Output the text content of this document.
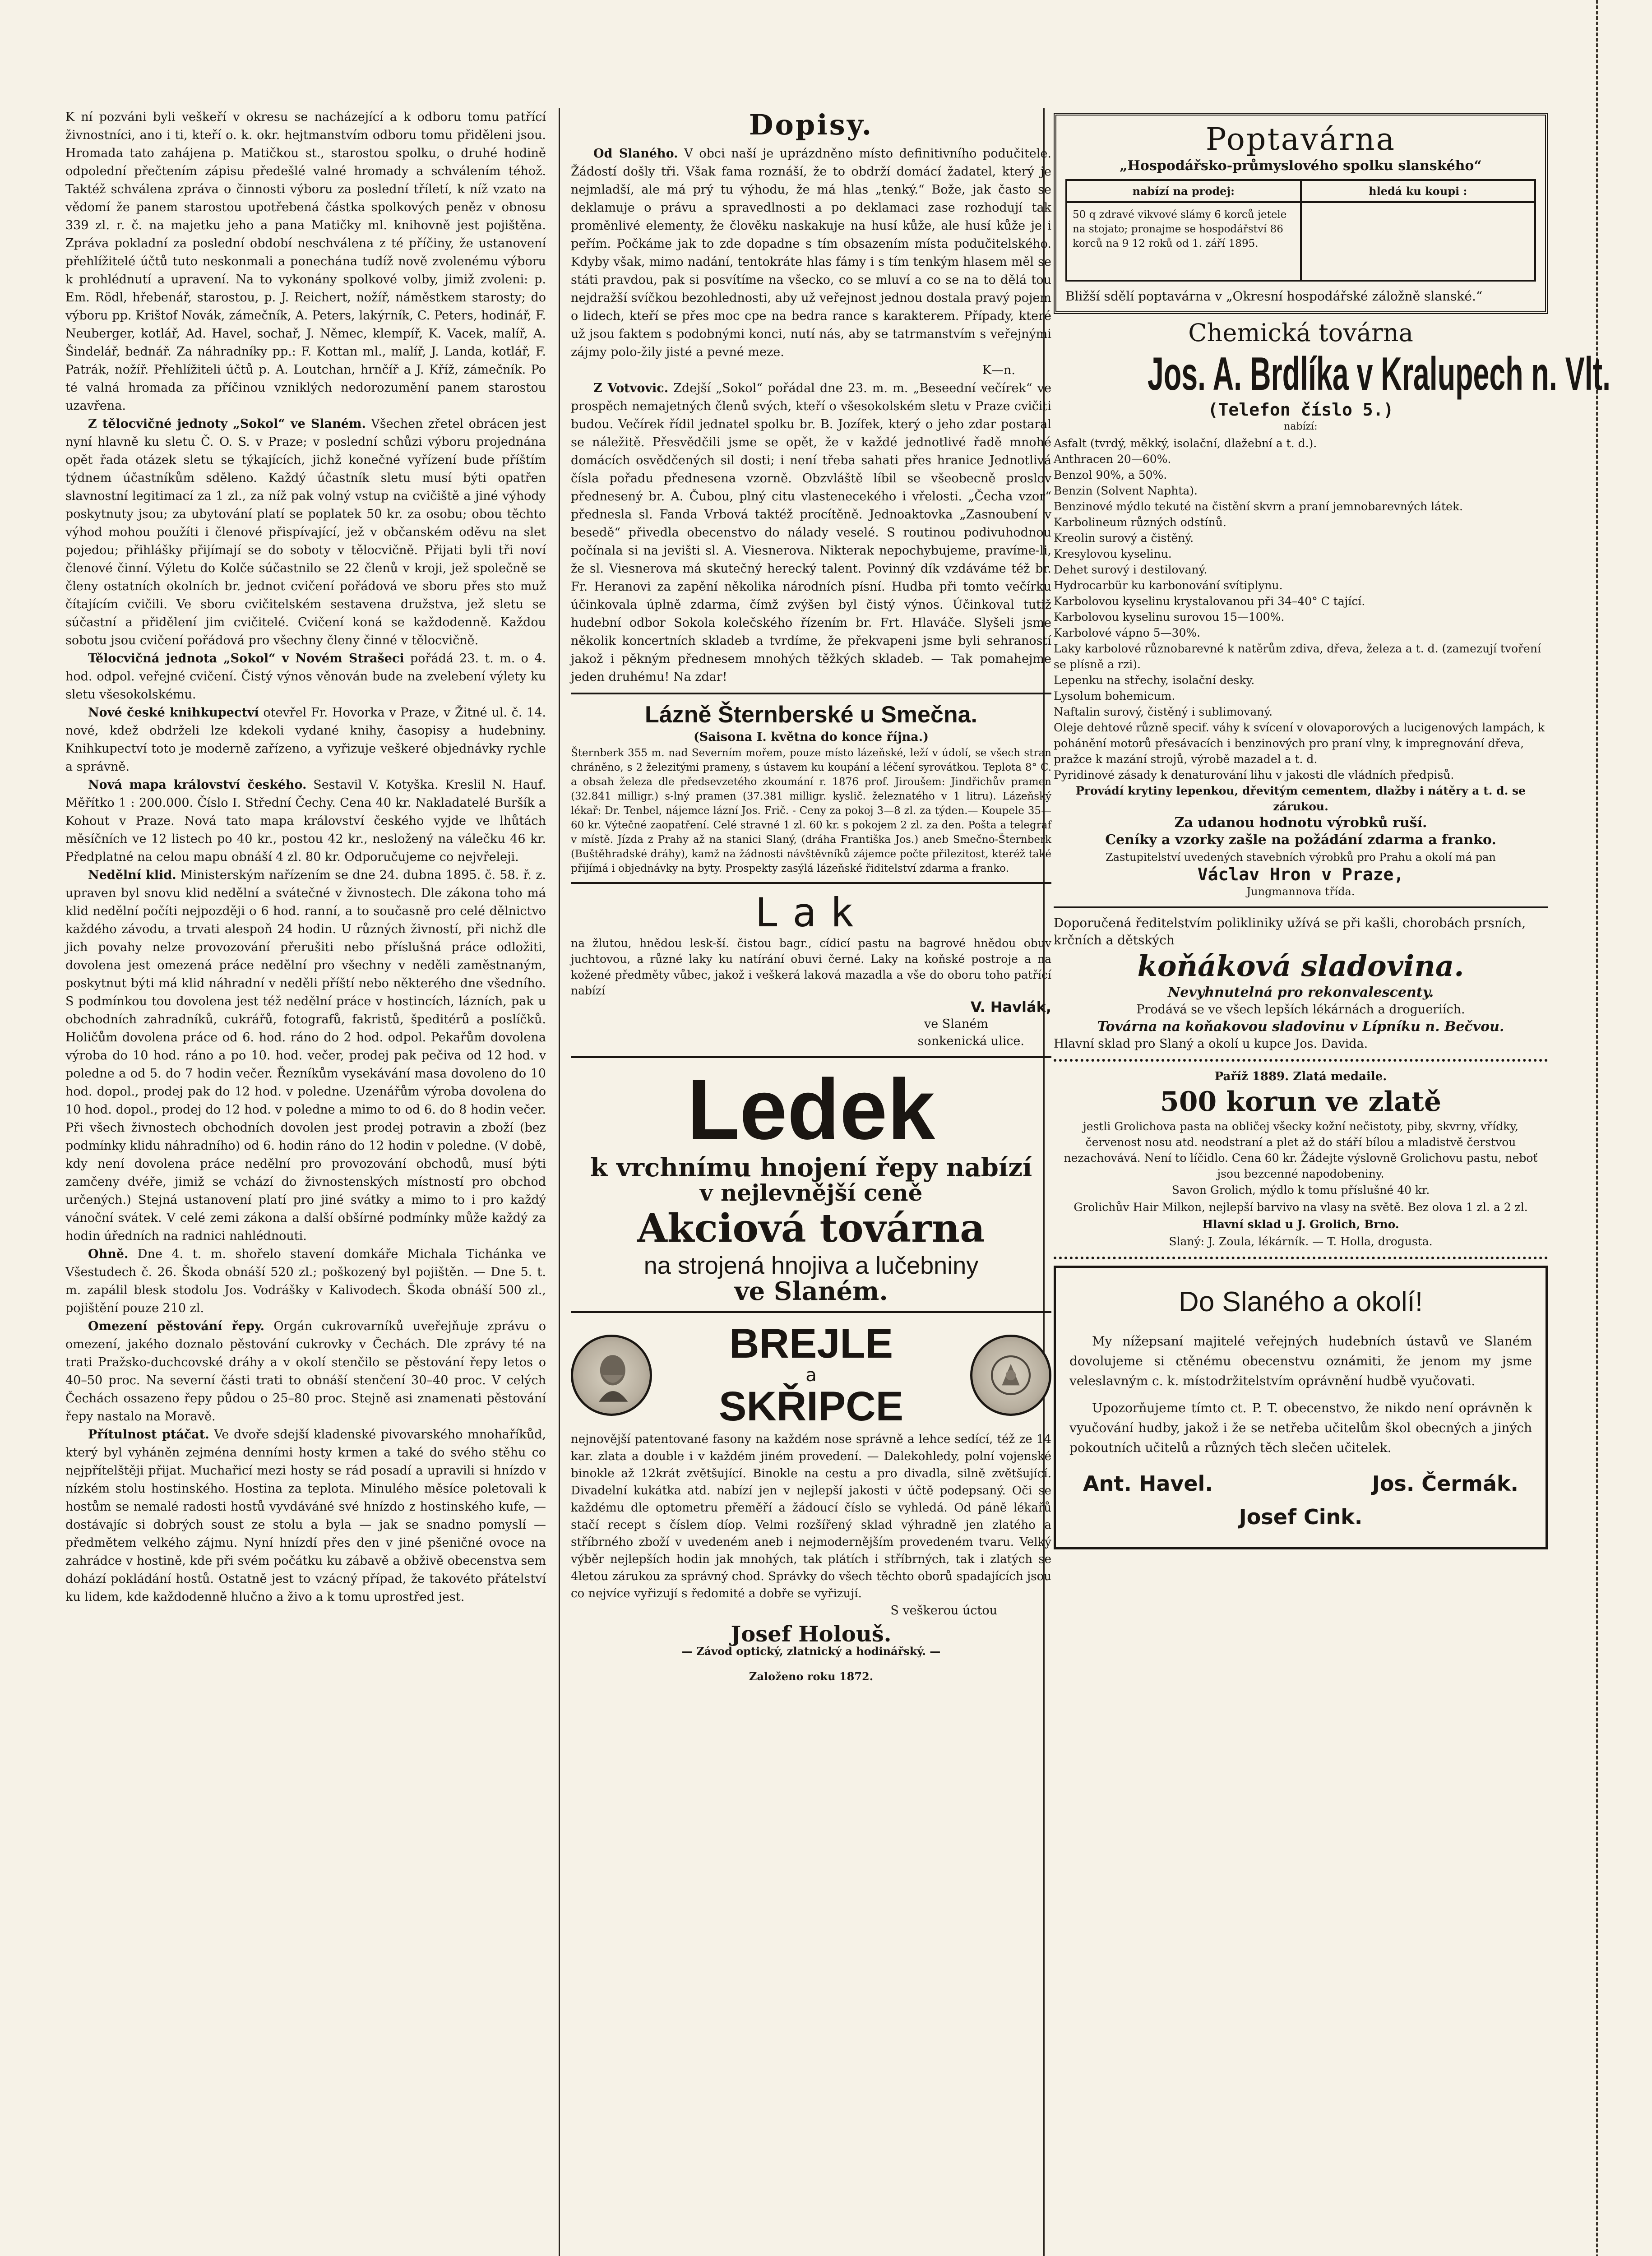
K ní pozváni byli veškeří v okresu se nacházející a k odboru tomu patřící živnostníci, ano i ti, kteří o. k. okr. hejtmanstvím odboru tomu přiděleni jsou. Hromada tato zahájena p. Matičkou st., starostou spolku, o druhé hodině odpolední přečtením zápisu předešlé valné hromady a schválením téhož. Taktéž schválena zpráva o činnosti výboru za poslední tříletí, k níž vzato na vědomí že panem starostou upotřebená částka spolkových peněz v obnosu 339 zl. r. č. na majetku jeho a pana Matičky ml. knihovně jest pojištěna. Zpráva pokladní za poslední období neschválena z té příčiny, že ustanovení přehlížitelé účtů tuto neskonmali a ponechána tudíž nově zvolenému výboru k prohlédnutí a upravení. Na to vykonány spolkové volby, jimiž zvoleni: p. Em. Rödl, hřebenář, starostou, p. J. Reichert, nožíř, náměstkem starosty; do výboru pp. Krištof Novák, zámečník, A. Peters, lakýrník, C. Peters, hodinář, F. Neuberger, kotlář, Ad. Havel, sochař, J. Němec, klempíř, K. Vacek, malíř, A. Šindelář, bednář. Za náhradníky pp.: F. Kottan ml., malíř, J. Landa, kotlář, F. Patrák, nožíř. Přehlížiteli účtů p. A. Loutchan, hrnčíř a J. Kříž, zámečník. Po té valná hromada za příčinou vzniklých nedorozumění panem starostou uzavřena.

Z tělocvičné jednoty „Sokol“ ve Slaném. Všechen zřetel obrácen jest nyní hlavně ku sletu Č. O. S. v Praze; v poslední schůzi výboru projednána opět řada otázek sletu se týkajících, jichž konečné vyřízení bude příštím týdnem účastníkům sděleno. Každý účastník sletu musí býti opatřen slavnostní legitimací za 1 zl., za níž pak volný vstup na cvičiště a jiné výhody poskytnuty jsou; za ubytování platí se poplatek 50 kr. za osobu; obou těchto výhod mohou použíti i členové přispívající, jež v občanském oděvu na slet pojedou; přihlášky přijímají se do soboty v tělocvičně. Přijati byli tři noví členové činní. Výletu do Kolče súčastnilo se 22 členů v kroji, jež společně se členy ostatních okolních br. jednot cvičení pořádová ve sboru přes sto muž čítajícím cvičili. Ve sboru cvičitelském sestavena družstva, jež sletu se súčastní a přidělení jim cvičitelé. Cvičení koná se každodenně. Každou sobotu jsou cvičení pořádová pro všechny členy činné v tělocvičně.

Tělocvičná jednota „Sokol“ v Novém Strašeci pořádá 23. t. m. o 4. hod. odpol. veřejné cvičení. Čistý výnos věnován bude na zvelebení výlety ku sletu všesokolskému.

Nové české knihkupectví otevřel Fr. Hovorka v Praze, v Žitné ul. č. 14. nové, kdež obdrželi lze kdekoli vydané knihy, časopisy a hudebniny. Knihkupectví toto je moderně zařízeno, a vyřizuje veškeré objednávky rychle a správně.

Nová mapa království českého. Sestavil V. Kotyška. Kreslil N. Hauf. Měřítko 1 : 200.000. Číslo I. Střední Čechy. Cena 40 kr. Nakladatelé Buršík a Kohout v Praze. Nová tato mapa království českého vyjde ve lhůtách měsíčních ve 12 listech po 40 kr., postou 42 kr., nesložený na válečku 46 kr. Předplatné na celou mapu obnáší 4 zl. 80 kr. Odporučujeme co nejvřeleji.

Nedělní klid. Ministerským nařízením se dne 24. dubna 1895. č. 58. ř. z. upraven byl snovu klid nedělní a svátečné v živnostech. Dle zákona toho má klid nedělní počíti nejpozději o 6 hod. ranní, a to současně pro celé dělnictvo každého závodu, a trvati alespoň 24 hodin. U různých živností, při nichž dle jich povahy nelze provozování přerušiti nebo příslušná práce odložiti, dovolena jest omezená práce nedělní pro všechny v neděli zaměstnaným, poskytnut býti má klid náhradní v neděli příští nebo některého dne všedního. S podmínkou tou dovolena jest též nedělní práce v hostincích, lázních, pak u obchodních zahradníků, cukrářů, fotografů, fakristů, špeditérů a poslíčků. Holičům dovolena práce od 6. hod. ráno do 2 hod. odpol. Pekařům dovolena výroba do 10 hod. ráno a po 10. hod. večer, prodej pak pečiva od 12 hod. v poledne a od 5. do 7 hodin večer. Řezníkům vysekávání masa dovoleno do 10 hod. dopol., prodej pak do 12 hod. v poledne. Uzenářům výroba dovolena do 10 hod. dopol., prodej do 12 hod. v poledne a mimo to od 6. do 8 hodin večer. Při všech živnostech obchodních dovolen jest prodej potravin a zboží (bez podmínky klidu náhradního) od 6. hodin ráno do 12 hodin v poledne. (V době, kdy není dovolena práce nedělní pro provozování obchodů, musí býti zamčeny dvéře, jimiž se vchází do živnostenských místností pro obchod určených.) Stejná ustanovení platí pro jiné svátky a mimo to i pro každý vánoční svátek. V celé zemi zákona a další obšírné podmínky může každý za hodin úředních na radnici nahlédnouti.

Ohně. Dne 4. t. m. shořelo stavení domkáře Michala Tichánka ve Všestudech č. 26. Škoda obnáší 520 zl.; poškozený byl pojištěn. — Dne 5. t. m. zapálil blesk stodolu Jos. Vodrášky v Kalivodech. Škoda obnáší 500 zl., pojištění pouze 210 zl.

Omezení pěstování řepy. Orgán cukrovarníků uveřejňuje zprávu o omezení, jakého doznalo pěstování cukrovky v Čechách. Dle zprávy té na trati Pražsko-duchcovské dráhy a v okolí stenčilo se pěstování řepy letos o 40–50 proc. Na severní části trati to obnáší stenčení 30–40 proc. V celých Čechách ossazeno řepy půdou o 25–80 proc. Stejně asi znamenati pěstování řepy nastalo na Moravě.

Přítulnost ptáčat. Ve dvoře sdejší kladenské pivovarského mnohaříkůd, který byl vyháněn zejména denními hosty krmen a také do svého stěhu co nejpřítelštěji přijat. Muchařicí mezi hosty se rád posadí a upravili si hnízdo v nízkém stolu hostinského. Hostina za teplota. Minulého měsíce poletovali k hostům se nemalé radosti hostů vyvdáváné své hnízdo z hostinského kufe, — dostávajíc si dobrých soust ze stolu a byla — jak se snadno pomyslí — předmětem velkého zájmu. Nyní hnízdí přes den v jiné pšeničné ovoce na zahrádce v hostině, kde při svém počátku ku zábavě a obživě obecenstva sem dohází pokládání hostů. Ostatně jest to vzácný případ, že takovéto přátelství ku lidem, kde každodenně hlučno a živo a k tomu uprostřed jest.

Dopisy.

Od Slaného. V obci naší je uprázdněno místo definitivního podučitele. Žádostí došly tři. Však fama roznáší, že to obdrží domácí žadatel, který je nejmladší, ale má prý tu výhodu, že má hlas „tenký.“ Bože, jak často se deklamuje o právu a spravedlnosti a po deklamaci zase rozhodují tak proměnlivé elementy, že člověku naskakuje na husí kůže, ale husí kůže je i peřím. Počkáme jak to zde dopadne s tím obsazením místa podučitelského. Kdyby však, mimo nadání, tentokráte hlas fámy i s tím tenkým hlasem měl se státi pravdou, pak si posvítíme na všecko, co se mluví a co se na to dělá tou nejdražší svíčkou bezohlednosti, aby už veřejnost jednou dostala pravý pojem o lidech, kteří se přes moc cpe na bedra rance s karakterem. Případy, které už jsou faktem s podobnými konci, nutí nás, aby se tatrmanstvím s veřejnými zájmy polo-žily jisté a pevné meze.

K—n.

Z Votvovic. Zdejší „Sokol“ pořádal dne 23. m. m. „Beseední večírek“ ve prospěch nemajetných členů svých, kteří o všesokolském sletu v Praze cvičiti budou. Večírek řídil jednatel spolku br. B. Jozífek, který o jeho zdar postaral se náležitě. Přesvědčili jsme se opět, že v každé jednotlivé řadě mnohé domácích osvědčených sil dosti; i není třeba sahati přes hranice Jednotlivá čísla pořadu přednesena vzorně. Obzvláště líbil se všeobecně proslov přednesený br. A. Čubou, plný citu vlastenecekého i vřelosti. „Čecha vzor“ přednesla sl. Fanda Vrbová taktéž procítěně. Jednoaktovka „Zasnoubení v besedě“ přivedla obecenstvo do nálady veselé. S routinou podivuhodnou počínala si na jevišti sl. A. Viesnerova. Nikterak nepochybujeme, pravíme-li, že sl. Viesnerova má skutečný herecký talent. Povinný dík vzdáváme též br. Fr. Heranovi za zapění několika národních písní. Hudba při tomto večírku účinkovala úplně zdarma, čímž zvýšen byl čistý výnos. Účinkoval tutiž hudební odbor Sokola kolečského řízením br. Frt. Hlaváče. Slyšeli jsme několik koncertních skladeb a tvrdíme, že překvapeni jsme byli sehraností jakož i pěkným přednesem mnohých těžkých skladeb. — Tak pomahejme jeden druhému! Na zdar!

Lázně Šternberské u Smečna.

(Saisona I. května do konce října.)

Šternberk 355 m. nad Severním mořem, pouze místo lázeňské, leží v údolí, se všech stran chráněno, s 2 železitými prameny, s ústavem ku koupání a léčení syrovátkou. Teplota 8° C. a obsah železa dle předsevzetého zkoumání r. 1876 prof. Jiroušem: Jindřichův pramen (32.841 milligr.) s-lný pramen (37.381 milligr. kyslič. železnatého v 1 litru). Lázeňský lékař: Dr. Tenbel, nájemce lázní Jos. Frič. - Ceny za pokoj 3—8 zl. za týden.— Koupele 35—60 kr. Výtečné zaopatření. Celé stravné 1 zl. 60 kr. s pokojem 2 zl. za den. Pošta a telegraf v místě. Jízda z Prahy až na stanici Slaný, (dráha Františka Jos.) aneb Smečno-Šternberk (Buštěhradské dráhy), kamž na žádnosti návštěvníků zájemce počte přilezitost, kteréž také přijímá i objednávky na byty. Prospekty zasýlá lázeňské řiditelství zdarma a franko.

Lak

na žlutou, hnědou lesk-ší. čistou bagr., cídicí pastu na bagrové hnědou obuv juchtovou, a různé laky ku natírání obuvi černé. Laky na koňské postroje a na kožené předměty vůbec, jakož i veškerá laková mazadla a vše do oboru toho patřící nabízí

V. Havlák,

ve Slaném

sonkenická ulice.

Ledek

k vrchnímu hnojení řepy nabízí

v nejlevnější ceně

Akciová továrna

na strojená hnojiva a lučebniny

ve Slaném.

BREJLE

a

SKŘIPCE

nejnovější patentované fasony na každém nose správně a lehce sedící, též ze 14 kar. zlata a double i v každém jiném provedení. — Dalekohledy, polní vojenské binokle až 12krát zvětšující. Binokle na cestu a pro divadla, silně zvětšující. Divadelní kukátka atd. nabízí jen v nejlepší jakosti v účtě podepsaný. Oči se každému dle optometru přeměří a žádoucí číslo se vyhledá. Od páně lékařů stačí recept s číslem díop. Velmi rozšířený sklad výhradně jen zlatého a stříbrného zboží v uvedeném aneb i nejmodernějším provedeném tvaru. Velký výběr nejlepších hodin jak mnohých, tak plátích i stříbrných, tak i zlatých se 4letou zárukou za správný chod. Správky do všech těchto oborů spadajících jsou co nejvíce vyřizují s ředomité a dobře se vyřizují.

S veškerou úctou

Josef Holouš.

— Závod optický, zlatnický a hodinářský. —

Založeno roku 1872.

Poptavárna

„Hospodářsko-průmyslového spolku slanského“

nabízí na prodej:	hledá ku koupi :
50 q zdravé vikvové slámy 6 korců jetele na stojato; pronajme se hospodářství 86 korců na 9 12 roků od 1. září 1895.	

Bližší sdělí poptavárna v „Okresní hospodářské záložně slanské.“

Chemická továrna
Jos. A. Brdlíka v Kralupech n. Vlt.

(Telefon číslo 5.)

nabízí:

Asfalt (tvrdý, měkký, isolační, dlažební a t. d.).

Anthracen 20—60%.

Benzol 90%, a 50%.

Benzin (Solvent Naphta).

Benzinové mýdlo tekuté na čistění skvrn a praní jemnobarevných látek.

Karbolineum různých odstínů.

Kreolin surový a čistěný.

Kresylovou kyselinu.

Dehet surový i destilovaný.

Hydrocarbür ku karbonování svítiplynu.

Karbolovou kyselinu krystalovanou při 34–40° C tající.

Karbolovou kyselinu surovou 15—100%.

Karbolové vápno 5—30%.

Laky karbolové různobarevné k natěrům zdiva, dřeva, železa a t. d. (zamezují tvoření se plísně a rzi).

Lepenku na střechy, isolační desky.

Lysolum bohemicum.

Naftalin surový, čistěný i sublimovaný.

Oleje dehtové různě specif. váhy k svícení v olovaporových a lucigenových lampách, k pohánění motorů přesávacích i benzinových pro praní vlny, k impregnování dřeva, pražce k mazání strojů, výrobě mazadel a t. d.

Pyridinové zásady k denaturování lihu v jakosti dle vládních předpisů.

Provádí krytiny lepenkou, dřevitým cementem, dlažby i nátěry a t. d. se zárukou.

Za udanou hodnotu výrobků ruší.

Ceníky a vzorky zašle na požádání zdarma a franko.

Zastupitelství uvedených stavebních výrobků pro Prahu a okolí má pan

Václav Hron v Praze,

Jungmannova třída.

Doporučená ředitelstvím polikliniky užívá se při kašli, chorobách prsních, krčních a dětských

koňáková sladovina.

Nevyhnutelná pro rekonvalescenty.

Prodává se ve všech lepších lékárnách a drogueriích.

Továrna na koňakovou sladovinu v Lípníku n. Bečvou.

Hlavní sklad pro Slaný a okolí u kupce Jos. Davida.

Paříž 1889. Zlatá medaile.

500 korun ve zlatě

jestli Grolichova pasta na obličej všecky kožní nečistoty, piby, skvrny, vřídky, červenost nosu atd. neodstraní a plet až do stáří bílou a mladistvě čerstvou nezachovává. Není to líčidlo. Cena 60 kr. Žádejte výslovně Grolichovu pastu, neboť jsou bezcenné napodobeniny.

Savon Grolich, mýdlo k tomu příslušné 40 kr.

Grolichův Hair Milkon, nejlepší barvivo na vlasy na světě. Bez olova 1 zl. a 2 zl.

Hlavní sklad u J. Grolich, Brno.

Slaný: J. Zoula, lékárník. — T. Holla, drogusta.

Do Slaného a okolí!

My nížepsaní majitelé veřejných hudebních ústavů ve Slaném dovolujeme si ctěnému obecenstvu oznámiti, že jenom my jsme veleslavným c. k. místodržitelstvím oprávnění hudbě vyučovati.

Upozorňujeme tímto ct. P. T. obecenstvo, že nikdo není oprávněn k vyučování hudby, jakož i že se netřeba učitelům škol obecných a jiných pokoutních učitelů a různých těch slečen učitelek.

Ant. Havel.	Jos. Čermák.

Josef Cink.
